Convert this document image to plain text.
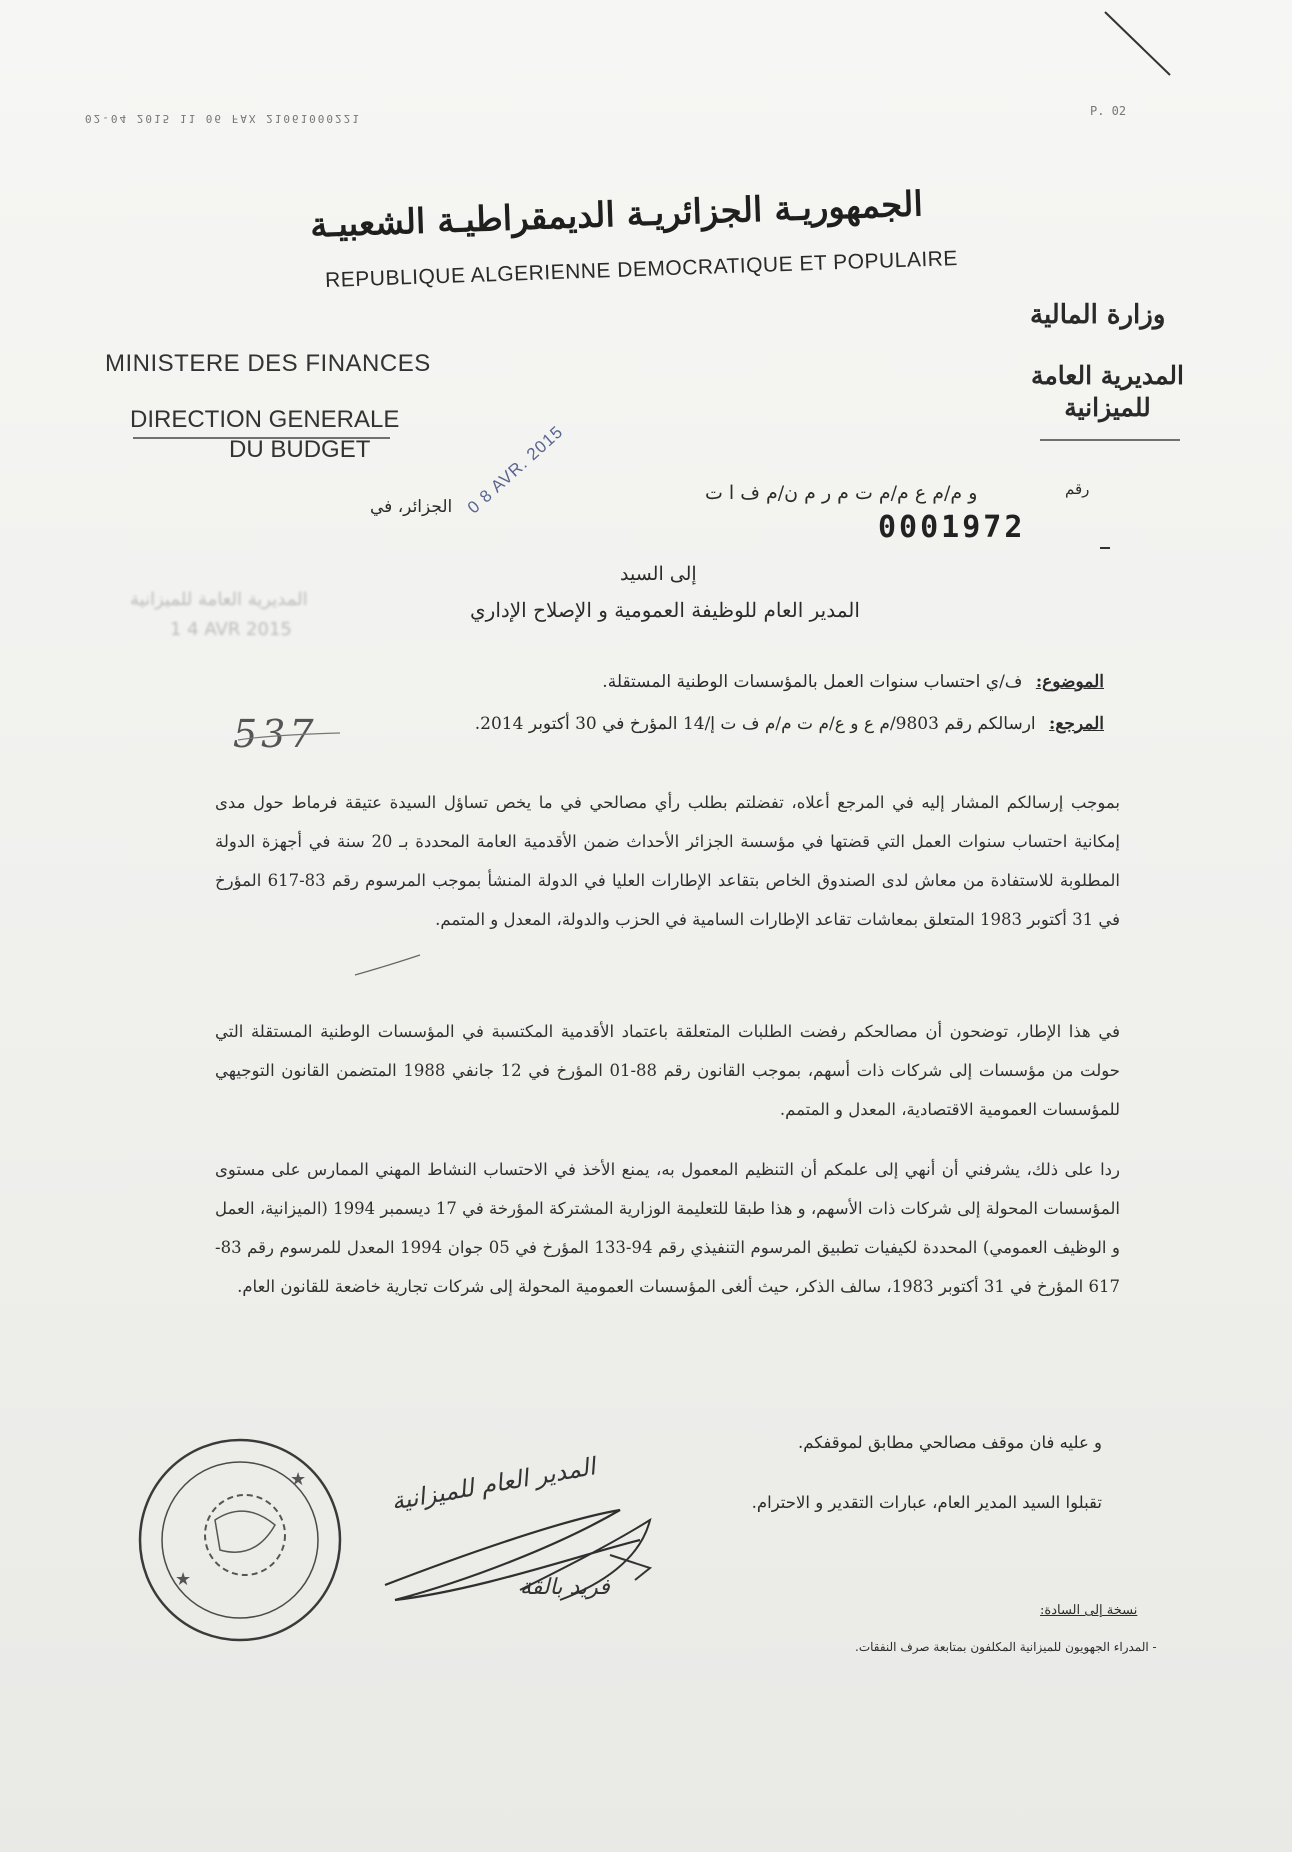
02-04 2015 11 06 FAX 21061000221
P. 02
الجمهوريـة الجزائريـة الديمقراطيـة الشعبيـة
REPUBLIQUE ALGERIENNE DEMOCRATIQUE ET POPULAIRE
MINISTERE DES FINANCES
DIRECTION GENERALE
DU BUDGET
وزارة المالية
المديرية العامة للميزانية
0 8 AVR. 2015
الجزائر، في
رقم
و م/م ع م/م ت م ر م ن/م ف ا ت
0001972
المديرية العامة للميزانية
1 4 AVR 2015
537
إلى السيد
المدير العام للوظيفة العمومية و الإصلاح الإداري
الموضوع: ف/ي احتساب سنوات العمل بالمؤسسات الوطنية المستقلة.
المرجع: ارسالكم رقم 9803/م ع و ع/م ت م/م ف ت إ/14 المؤرخ في 30 أكتوبر 2014.
بموجب إرسالكم المشار إليه في المرجع أعلاه، تفضلتم بطلب رأي مصالحي في ما يخص تساؤل السيدة عتيقة فرماط حول مدى إمكانية احتساب سنوات العمل التي قضتها في مؤسسة الجزائر الأحداث ضمن الأقدمية العامة المحددة بـ 20 سنة في أجهزة الدولة المطلوبة للاستفادة من معاش لدى الصندوق الخاص بتقاعد الإطارات العليا في الدولة المنشأ بموجب المرسوم رقم 83-617 المؤرخ في 31 أكتوبر 1983 المتعلق بمعاشات تقاعد الإطارات السامية في الحزب والدولة، المعدل و المتمم.
في هذا الإطار، توضحون أن مصالحكم رفضت الطلبات المتعلقة باعتماد الأقدمية المكتسبة في المؤسسات الوطنية المستقلة التي حولت من مؤسسات إلى شركات ذات أسهم، بموجب القانون رقم 88-01 المؤرخ في 12 جانفي 1988 المتضمن القانون التوجيهي للمؤسسات العمومية الاقتصادية، المعدل و المتمم.
ردا على ذلك، يشرفني أن أنهي إلى علمكم أن التنظيم المعمول به، يمنع الأخذ في الاحتساب النشاط المهني الممارس على مستوى المؤسسات المحولة إلى شركات ذات الأسهم، و هذا طبقا للتعليمة الوزارية المشتركة المؤرخة في 17 ديسمبر 1994 (الميزانية، العمل و الوظيف العمومي) المحددة لكيفيات تطبيق المرسوم التنفيذي رقم 94-133 المؤرخ في 05 جوان 1994 المعدل للمرسوم رقم 83-617 المؤرخ في 31 أكتوبر 1983، سالف الذكر، حيث ألغى المؤسسات العمومية المحولة إلى شركات تجارية خاضعة للقانون العام.
و عليه فان موقف مصالحي مطابق لموقفكم.
تقبلوا السيد المدير العام، عبارات التقدير و الاحترام.
المدير العام للميزانية
فريد بالقة
نسخة إلى السادة:
- المدراء الجهويون للميزانية المكلفون بمتابعة صرف النفقات.
★
★
